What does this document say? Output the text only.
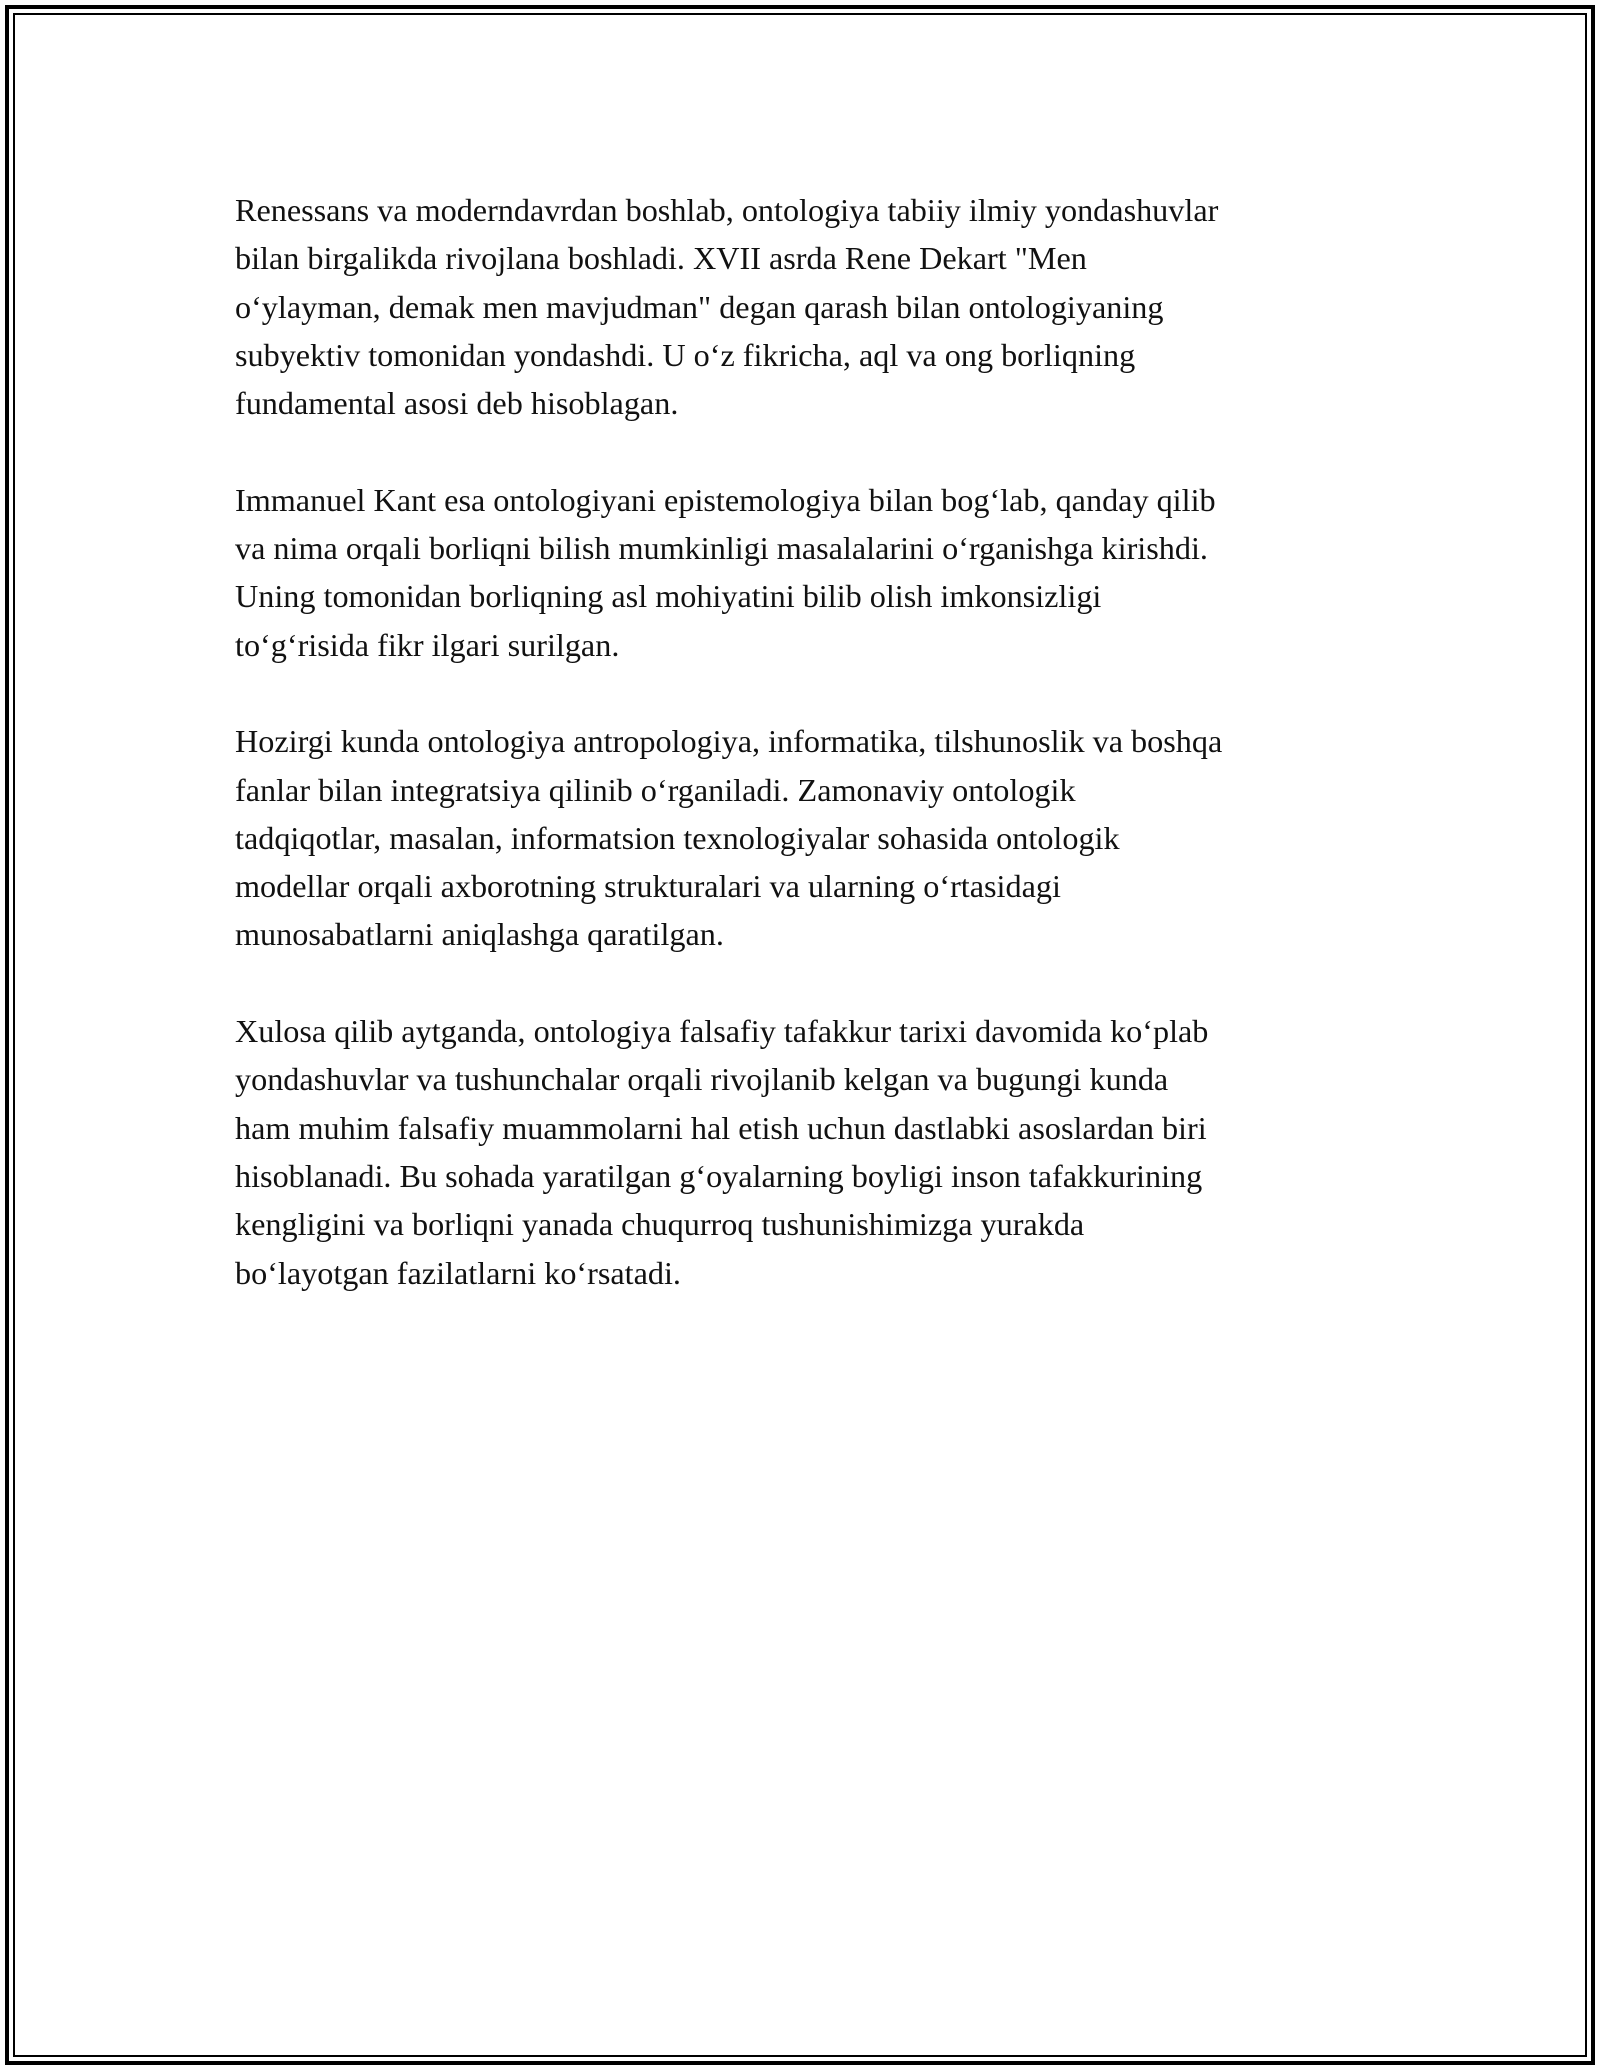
Renessans va moderndavrdan boshlab, ontologiya tabiiy ilmiy yondashuvlar
bilan birgalikda rivojlana boshladi. XVII asrda Rene Dekart "Men
o‘ylayman, demak men mavjudman" degan qarash bilan ontologiyaning
subyektiv tomonidan yondashdi. U o‘z fikricha, aql va ong borliqning
fundamental asosi deb hisoblagan.

Immanuel Kant esa ontologiyani epistemologiya bilan bog‘lab, qanday qilib
va nima orqali borliqni bilish mumkinligi masalalarini o‘rganishga kirishdi.
Uning tomonidan borliqning asl mohiyatini bilib olish imkonsizligi
to‘g‘risida fikr ilgari surilgan.

Hozirgi kunda ontologiya antropologiya, informatika, tilshunoslik va boshqa
fanlar bilan integratsiya qilinib o‘rganiladi. Zamonaviy ontologik
tadqiqotlar, masalan, informatsion texnologiyalar sohasida ontologik
modellar orqali axborotning strukturalari va ularning o‘rtasidagi
munosabatlarni aniqlashga qaratilgan.

Xulosa qilib aytganda, ontologiya falsafiy tafakkur tarixi davomida ko‘plab
yondashuvlar va tushunchalar orqali rivojlanib kelgan va bugungi kunda
ham muhim falsafiy muammolarni hal etish uchun dastlabki asoslardan biri
hisoblanadi. Bu sohada yaratilgan g‘oyalarning boyligi inson tafakkurining
kengligini va borliqni yanada chuqurroq tushunishimizga yurakda
bo‘layotgan fazilatlarni ko‘rsatadi.
